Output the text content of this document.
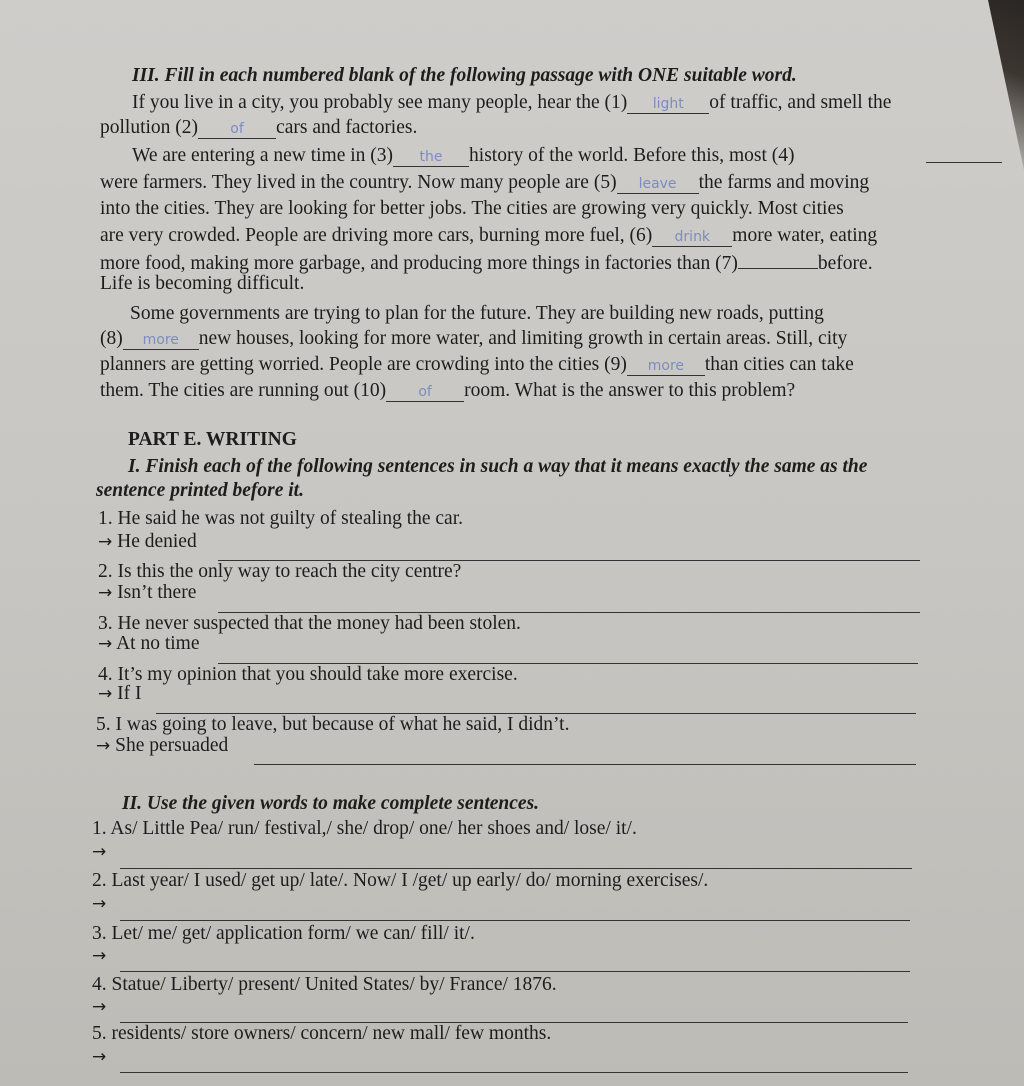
III. Fill in each numbered blank of the following passage with ONE suitable word.
If you live in a city, you probably see many people, hear the (1) light of traffic, and smell the
pollution (2) of cars and factories.
We are entering a new time in (3) the history of the world. Before this, most (4)
were farmers. They lived in the country. Now many people are (5) leave the farms and moving
into the cities. They are looking for better jobs. The cities are growing very quickly. Most cities
are very crowded. People are driving more cars, burning more fuel, (6) drink more water, eating
more food, making more garbage, and producing more things in factories than (7)	before.
Life is becoming difficult.
Some governments are trying to plan for the future. They are building new roads, putting
(8) more new houses, looking for more water, and limiting growth in certain areas. Still, city
planners are getting worried. People are crowding into the cities (9) more than cities can take
them. The cities are running out (10) of room. What is the answer to this problem?
PART E. WRITING
I. Finish each of the following sentences in such a way that it means exactly the same as the
sentence printed before it.
1. He said he was not guilty of stealing the car.
→ He denied
2. Is this the only way to reach the city centre?
→ Isn’t there
3. He never suspected that the money had been stolen.
→ At no time
4. It’s my opinion that you should take more exercise.
→ If I
5. I was going to leave, but because of what he said, I didn’t.
→ She persuaded
II. Use the given words to make complete sentences.
1. As/ Little Pea/ run/ festival,/ she/ drop/ one/ her shoes and/ lose/ it/.
→
2. Last year/ I used/ get up/ late/. Now/ I /get/ up early/ do/ morning exercises/.
→
3. Let/ me/ get/ application form/ we can/ fill/ it/.
→
4. Statue/ Liberty/ present/ United States/ by/ France/ 1876.
→
5. residents/ store owners/ concern/ new mall/ few months.
→
